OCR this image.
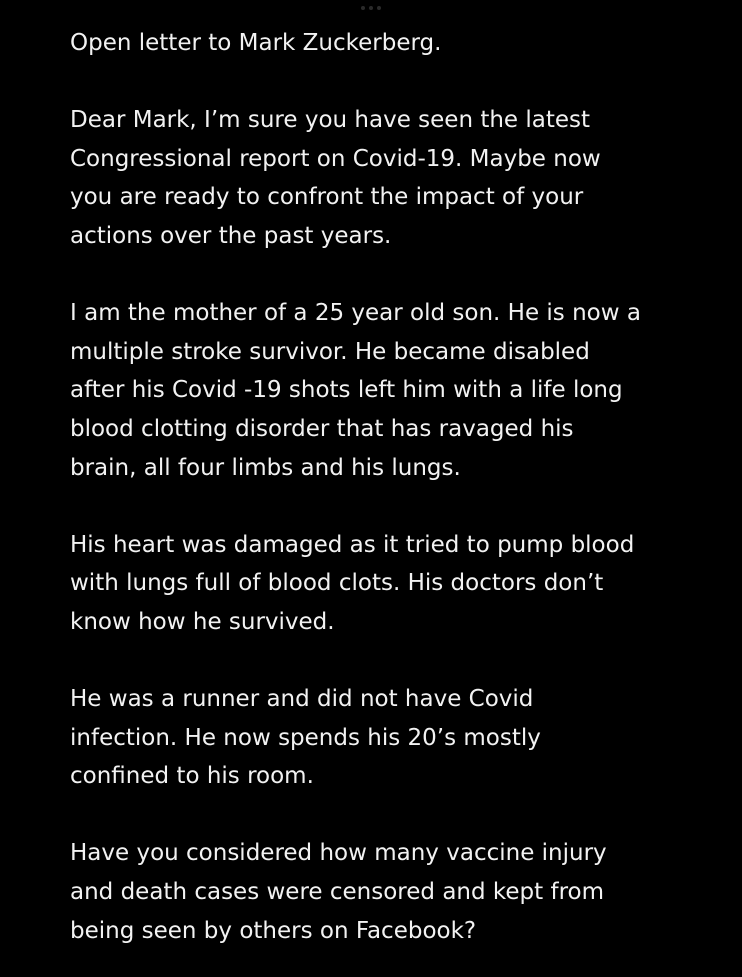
Open letter to Mark Zuckerberg.
Dear Mark, I’m sure you have seen the latest
Congressional report on Covid-19. Maybe now
you are ready to confront the impact of your
actions over the past years.
I am the mother of a 25 year old son. He is now a
multiple stroke survivor. He became disabled
after his Covid -19 shots left him with a life long
blood clotting disorder that has ravaged his
brain, all four limbs and his lungs.
His heart was damaged as it tried to pump blood
with lungs full of blood clots. His doctors don’t
know how he survived.
He was a runner and did not have Covid
infection. He now spends his 20’s mostly
confined to his room.
Have you considered how many vaccine injury
and death cases were censored and kept from
being seen by others on Facebook?
